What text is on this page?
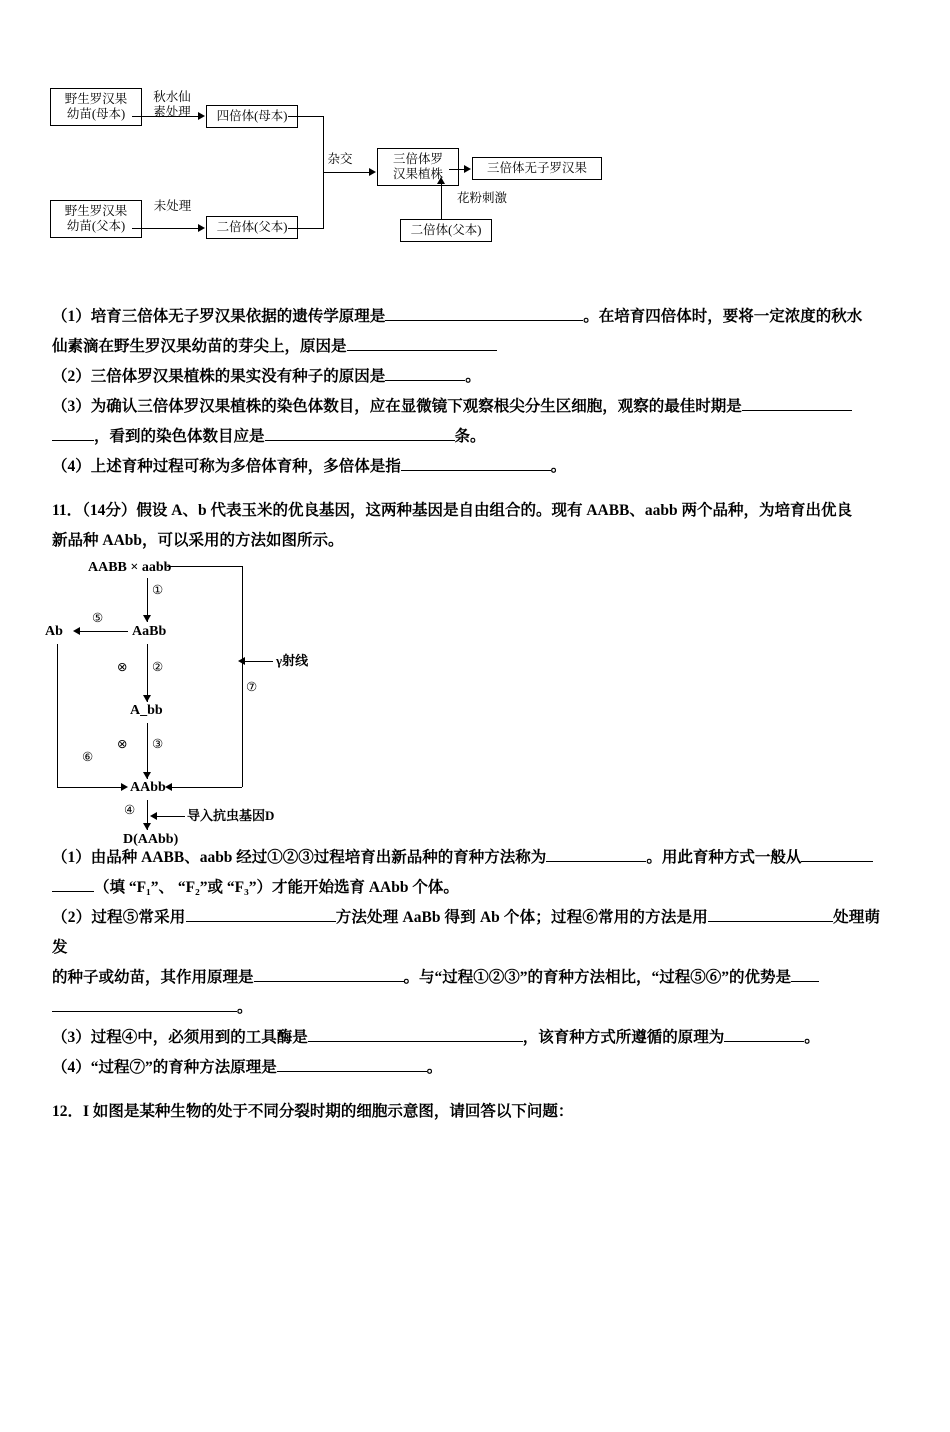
野生罗汉果
幼苗(母本)
秋水仙
素处理	四倍体(母本)
野生罗汉果
幼苗(父本)
未处理
二倍体(父本)
杂交	三倍体罗
汉果植株	三倍体无子罗汉果
花粉刺激
二倍体(父本)

（1）培育三倍体无子罗汉果依据的遗传学原理是	。在培育四倍体时，要将一定浓度的秋水

仙素滴在野生罗汉果幼苗的芽尖上，原因是

（2）三倍体罗汉果植株的果实没有种子的原因是	。

（3）为确认三倍体罗汉果植株的染色体数目，应在显微镜下观察根尖分生区细胞，观察的最佳时期是

，看到的染色体数目应是	条。

（4）上述育种过程可称为多倍体育种，多倍体是指	。

11．（14分）假设 A、b 代表玉米的优良基因，这两种基因是自由组合的。现有 AABB、aabb 两个品种，为培育出优良

新品种 AAbb，可以采用的方法如图所示。

AABB × aabb
①
AaBb
⊗ ②
A_bb
⊗ ③
AAbb
④	导入抗虫基因D
D(AAbb)
⑤
Ab
⑥
⑦
γ射线

（1）由品种 AABB、aabb 经过①②③过程培育出新品种的育种方法称为	。用此育种方式一般从

（填 “F₁”、 “F₂”或 “F₃”）才能开始选育 AAbb 个体。

（2）过程⑤常采用	方法处理 AaBb 得到 Ab 个体；过程⑥常用的方法是用	处理萌发

的种子或幼苗，其作用原理是	。与“过程①②③”的育种方法相比，“过程⑤⑥”的优势是

。

（3）过程④中，必须用到的工具酶是	，该育种方式所遵循的原理为	。

（4）“过程⑦”的育种方法原理是	。

12．I 如图是某种生物的处于不同分裂时期的细胞示意图，请回答以下问题：
